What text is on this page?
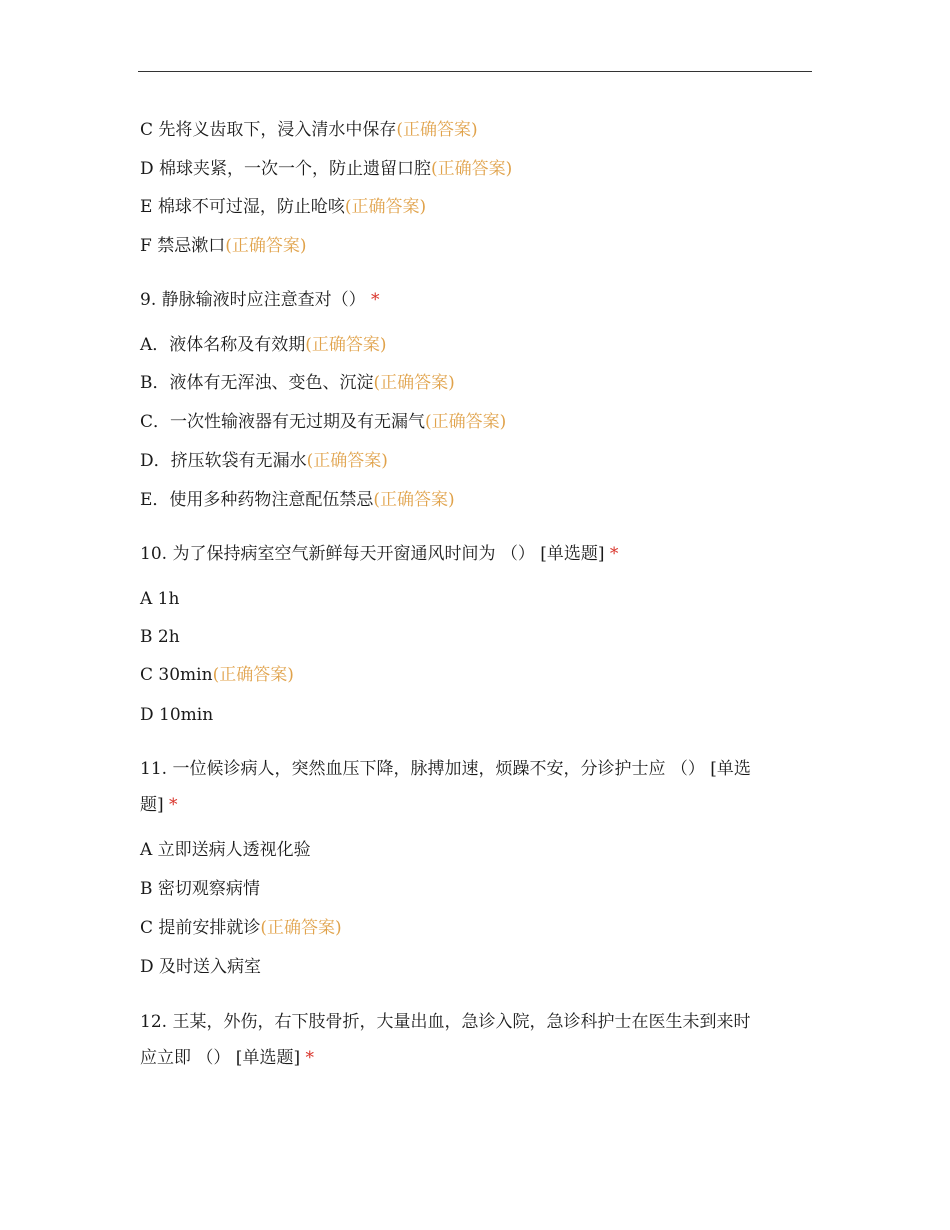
C 先将义齿取下，浸入清水中保存(正确答案)
D 棉球夹紧，一次一个，防止遗留口腔(正确答案)
E 棉球不可过湿，防止呛咳(正确答案)
F 禁忌漱口(正确答案)
9. 静脉输液时应注意查对（） *
A．液体名称及有效期(正确答案)
B．液体有无浑浊、变色、沉淀(正确答案)
C．一次性输液器有无过期及有无漏气(正确答案)
D．挤压软袋有无漏水(正确答案)
E．使用多种药物注意配伍禁忌(正确答案)
10. 为了保持病室空气新鲜每天开窗通风时间为 （） [单选题] *
A 1h
B 2h
C 30min(正确答案)
D 10min
11. 一位候诊病人，突然血压下降，脉搏加速，烦躁不安，分诊护士应 （） [单选
题] *
A 立即送病人透视化验
B 密切观察病情
C 提前安排就诊(正确答案)
D 及时送入病室
12. 王某，外伤，右下肢骨折，大量出血，急诊入院，急诊科护士在医生未到来时
应立即 （） [单选题] *
